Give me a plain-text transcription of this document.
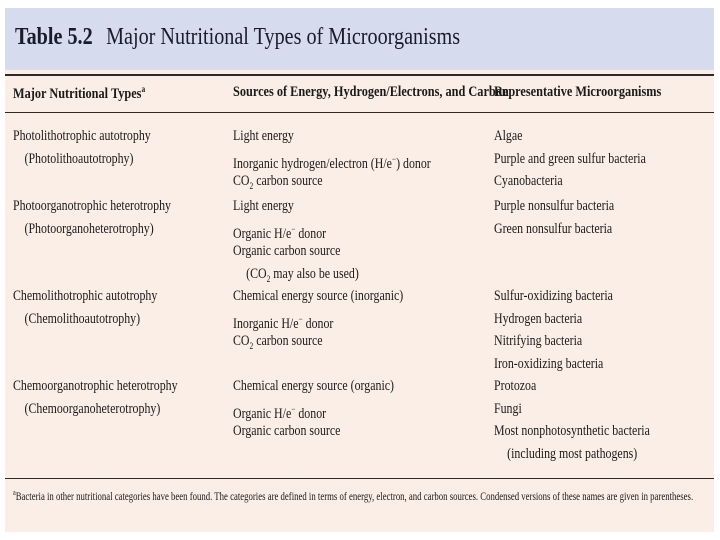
Table 5.2 Major Nutritional Types of Microorganisms
Major Nutritional Types$^a$	Sources of Energy, Hydrogen/Electrons, and Carbon
Representative Microorganisms
Photolithotrophic autotrophy
(Photolithoautotrophy)
Light energy
Inorganic hydrogen/electron (H/e−) donor
$CO_2$ carbon source
Algae
Purple and green sulfur bacteria
Cyanobacteria
Photoorganotrophic heterotrophy
(Photoorganoheterotrophy)
Light energy
Organic H/e− donor
Organic carbon source
($CO_2$ may also be used)
Purple nonsulfur bacteria
Green nonsulfur bacteria
Chemolithotrophic autotrophy
(Chemolithoautotrophy)
Chemical energy source (inorganic)
Inorganic H/e− donor
$CO_2$ carbon source
Sulfur-oxidizing bacteria
Hydrogen bacteria
Nitrifying bacteria
Iron-oxidizing bacteria
Chemoorganotrophic heterotrophy
(Chemoorganoheterotrophy)
Chemical energy source (organic)
Organic H/e− donor
Organic carbon source
Protozoa
Fungi
Most nonphotosynthetic bacteria
(including most pathogens)
$^a$Bacteria in other nutritional categories have been found. The categories are defined in terms of energy, electron, and carbon sources. Condensed versions of these names are given in parentheses.
